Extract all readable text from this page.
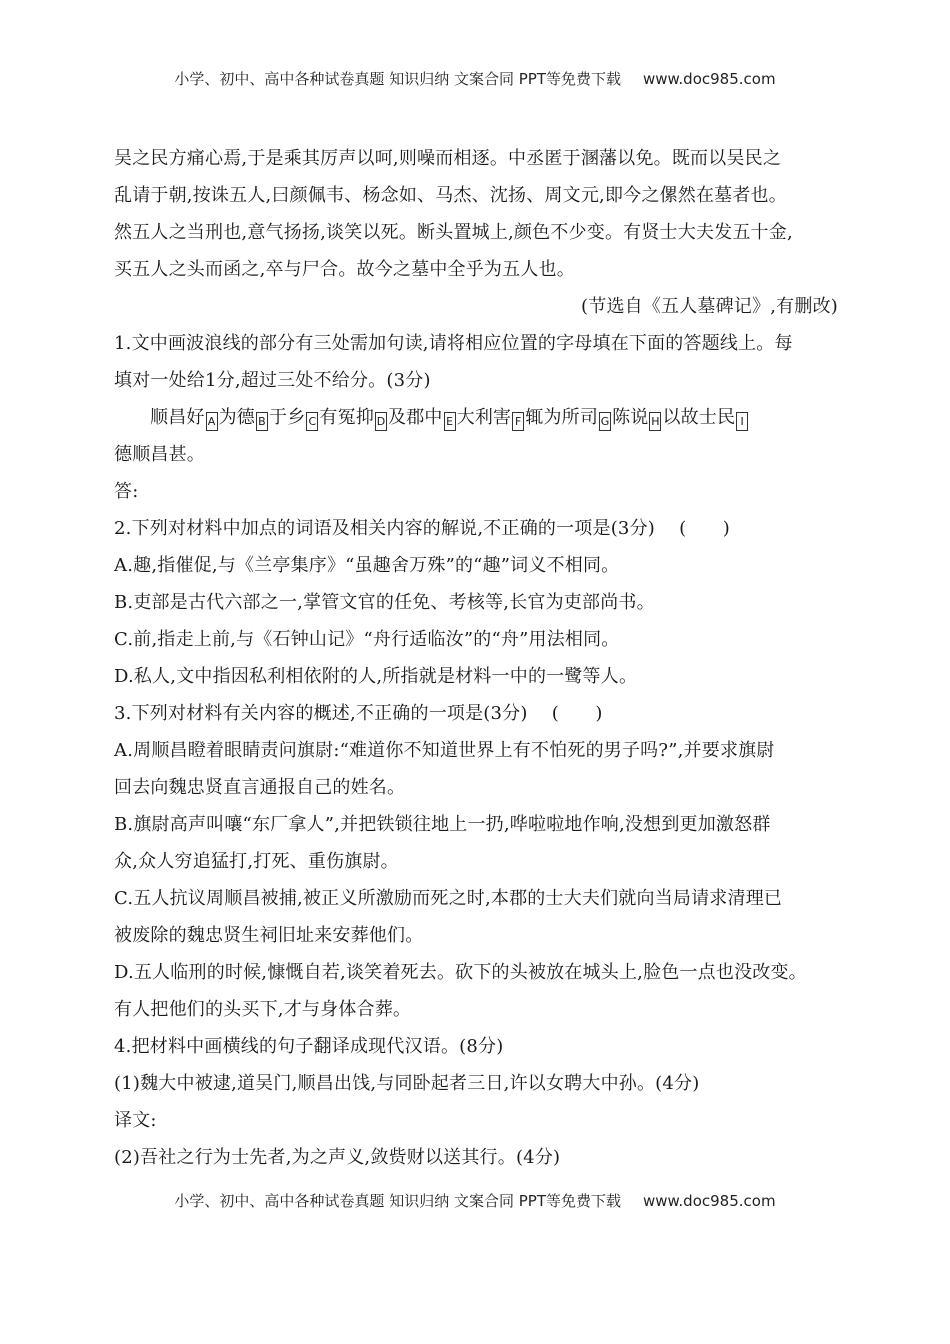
小学、初中、高中各种试卷真题 知识归纳 文案合同 PPT等免费下载 www.doc985.com
吴之民方痛心焉,于是乘其厉声以呵,则噪而相逐。中丞匿于溷藩以免。既而以吴民之
乱请于朝,按诛五人,曰颜佩韦、杨念如、马杰、沈扬、周文元,即今之傫然在墓者也。
然五人之当刑也,意气扬扬,谈笑以死。断头置城上,颜色不少变。有贤士大夫发五十金,
买五人之头而函之,卒与尸合。故今之墓中全乎为五人也。
(节选自《五人墓碑记》,有删改)
1.文中画波浪线的部分有三处需加句读,请将相应位置的字母填在下面的答题线上。每
填对一处给1分,超过三处不给分。(3分)
顺昌好 A 为德 B 于乡 C 有冤抑 D 及郡中 E 大利害 F 辄为所司 G 陈说 H 以故士民 I
德顺昌甚。
答:
2.下列对材料中加点的词语及相关内容的解说,不正确的一项是(3分)　 (　　)
A.趣,指催促,与《兰亭集序》“虽趣舍万殊”的“趣”词义不相同。
B.吏部是古代六部之一,掌管文官的任免、考核等,长官为吏部尚书。
C.前,指走上前,与《石钟山记》“舟行适临汝”的“舟”用法相同。
D.私人,文中指因私利相依附的人,所指就是材料一中的一鹭等人。
3.下列对材料有关内容的概述,不正确的一项是(3分)　 (　　)
A.周顺昌瞪着眼睛责问旗尉:“难道你不知道世界上有不怕死的男子吗?”,并要求旗尉
回去向魏忠贤直言通报自己的姓名。
B.旗尉高声叫嚷“东厂拿人”,并把铁锁往地上一扔,哗啦啦地作响,没想到更加激怒群
众,众人穷追猛打,打死、重伤旗尉。
C.五人抗议周顺昌被捕,被正义所激励而死之时,本郡的士大夫们就向当局请求清理已
被废除的魏忠贤生祠旧址来安葬他们。
D.五人临刑的时候,慷慨自若,谈笑着死去。砍下的头被放在城头上,脸色一点也没改变。
有人把他们的头买下,才与身体合葬。
4.把材料中画横线的句子翻译成现代汉语。(8分)
(1)魏大中被逮,道吴门,顺昌出饯,与同卧起者三日,许以女聘大中孙。(4分)
译文:
(2)吾社之行为士先者,为之声义,敛赀财以送其行。(4分)
小学、初中、高中各种试卷真题 知识归纳 文案合同 PPT等免费下载 www.doc985.com
